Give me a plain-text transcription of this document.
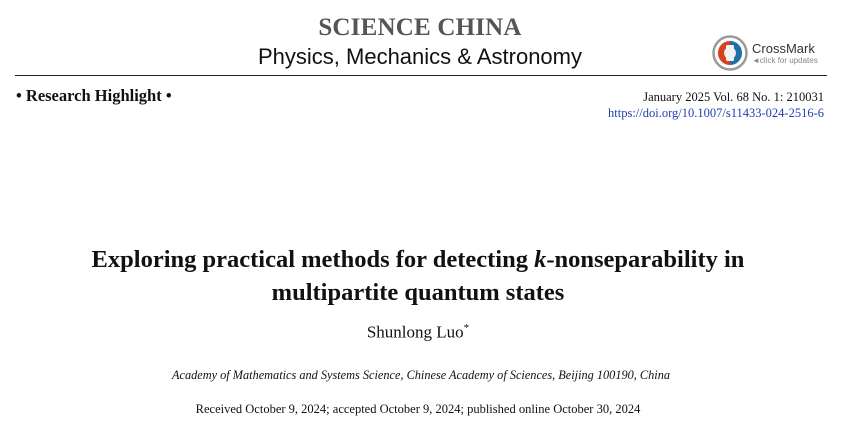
SCIENCE CHINA
Physics, Mechanics & Astronomy	CrossMark
◄click for updates
• Research Highlight •	January 2025 Vol. 68 No. 1: 210031
https://doi.org/10.1007/s11433-024-2516-6
Exploring practical methods for detecting k-nonseparability in
multipartite quantum states
Shunlong Luo*
Academy of Mathematics and Systems Science, Chinese Academy of Sciences, Beijing 100190, China
Received October 9, 2024; accepted October 9, 2024; published online October 30, 2024
